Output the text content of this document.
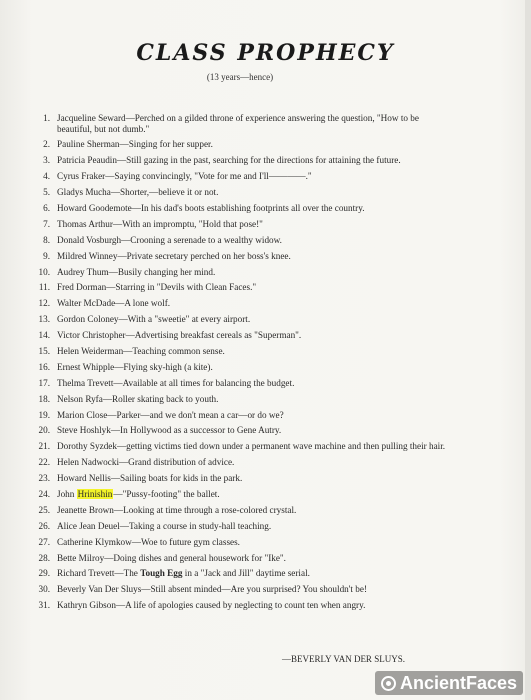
CLASS PROPHECY
(13 years—hence)
1. Jacqueline Seward—Perched on a gilded throne of experience answering the question, "How to be beautiful, but not dumb."
2. Pauline Sherman—Singing for her supper.
3. Patricia Peaudin—Still gazing in the past, searching for the directions for attaining the future.
4. Cyrus Fraker—Saying convincingly, "Vote for me and I'll————."
5. Gladys Mucha—Shorter,—believe it or not.
6. Howard Goodemote—In his dad's boots establishing footprints all over the country.
7. Thomas Arthur—With an impromptu, "Hold that pose!"
8. Donald Vosburgh—Crooning a serenade to a wealthy widow.
9. Mildred Winney—Private secretary perched on her boss's knee.
10. Audrey Thum—Busily changing her mind.
11. Fred Dorman—Starring in "Devils with Clean Faces."
12. Walter McDade—A lone wolf.
13. Gordon Coloney—With a "sweetie" at every airport.
14. Victor Christopher—Advertising breakfast cereals as "Superman".
15. Helen Weiderman—Teaching common sense.
16. Ernest Whipple—Flying sky-high (a kite).
17. Thelma Trevett—Available at all times for balancing the budget.
18. Nelson Ryfa—Roller skating back to youth.
19. Marion Close—Parker—and we don't mean a car—or do we?
20. Steve Hoshlyk—In Hollywood as a successor to Gene Autry.
21. Dorothy Syzdek—getting victims tied down under a permanent wave machine and then pulling their hair.
22. Helen Nadwocki—Grand distribution of advice.
23. Howard Nellis—Sailing boats for kids in the park.
24. John Hrinishin—"Pussy-footing" the ballet.
25. Jeanette Brown—Looking at time through a rose-colored crystal.
26. Alice Jean Deuel—Taking a course in study-hall teaching.
27. Catherine Klymkow—Woe to future gym classes.
28. Bette Milroy—Doing dishes and general housework for "Ike".
29. Richard Trevett—The Tough Egg in a "Jack and Jill" daytime serial.
30. Beverly Van Der Sluys—Still absent minded—Are you surprised? You shouldn't be!
31. Kathryn Gibson—A life of apologies caused by neglecting to count ten when angry.
—BEVERLY VAN DER SLUYS.
AncientFaces
